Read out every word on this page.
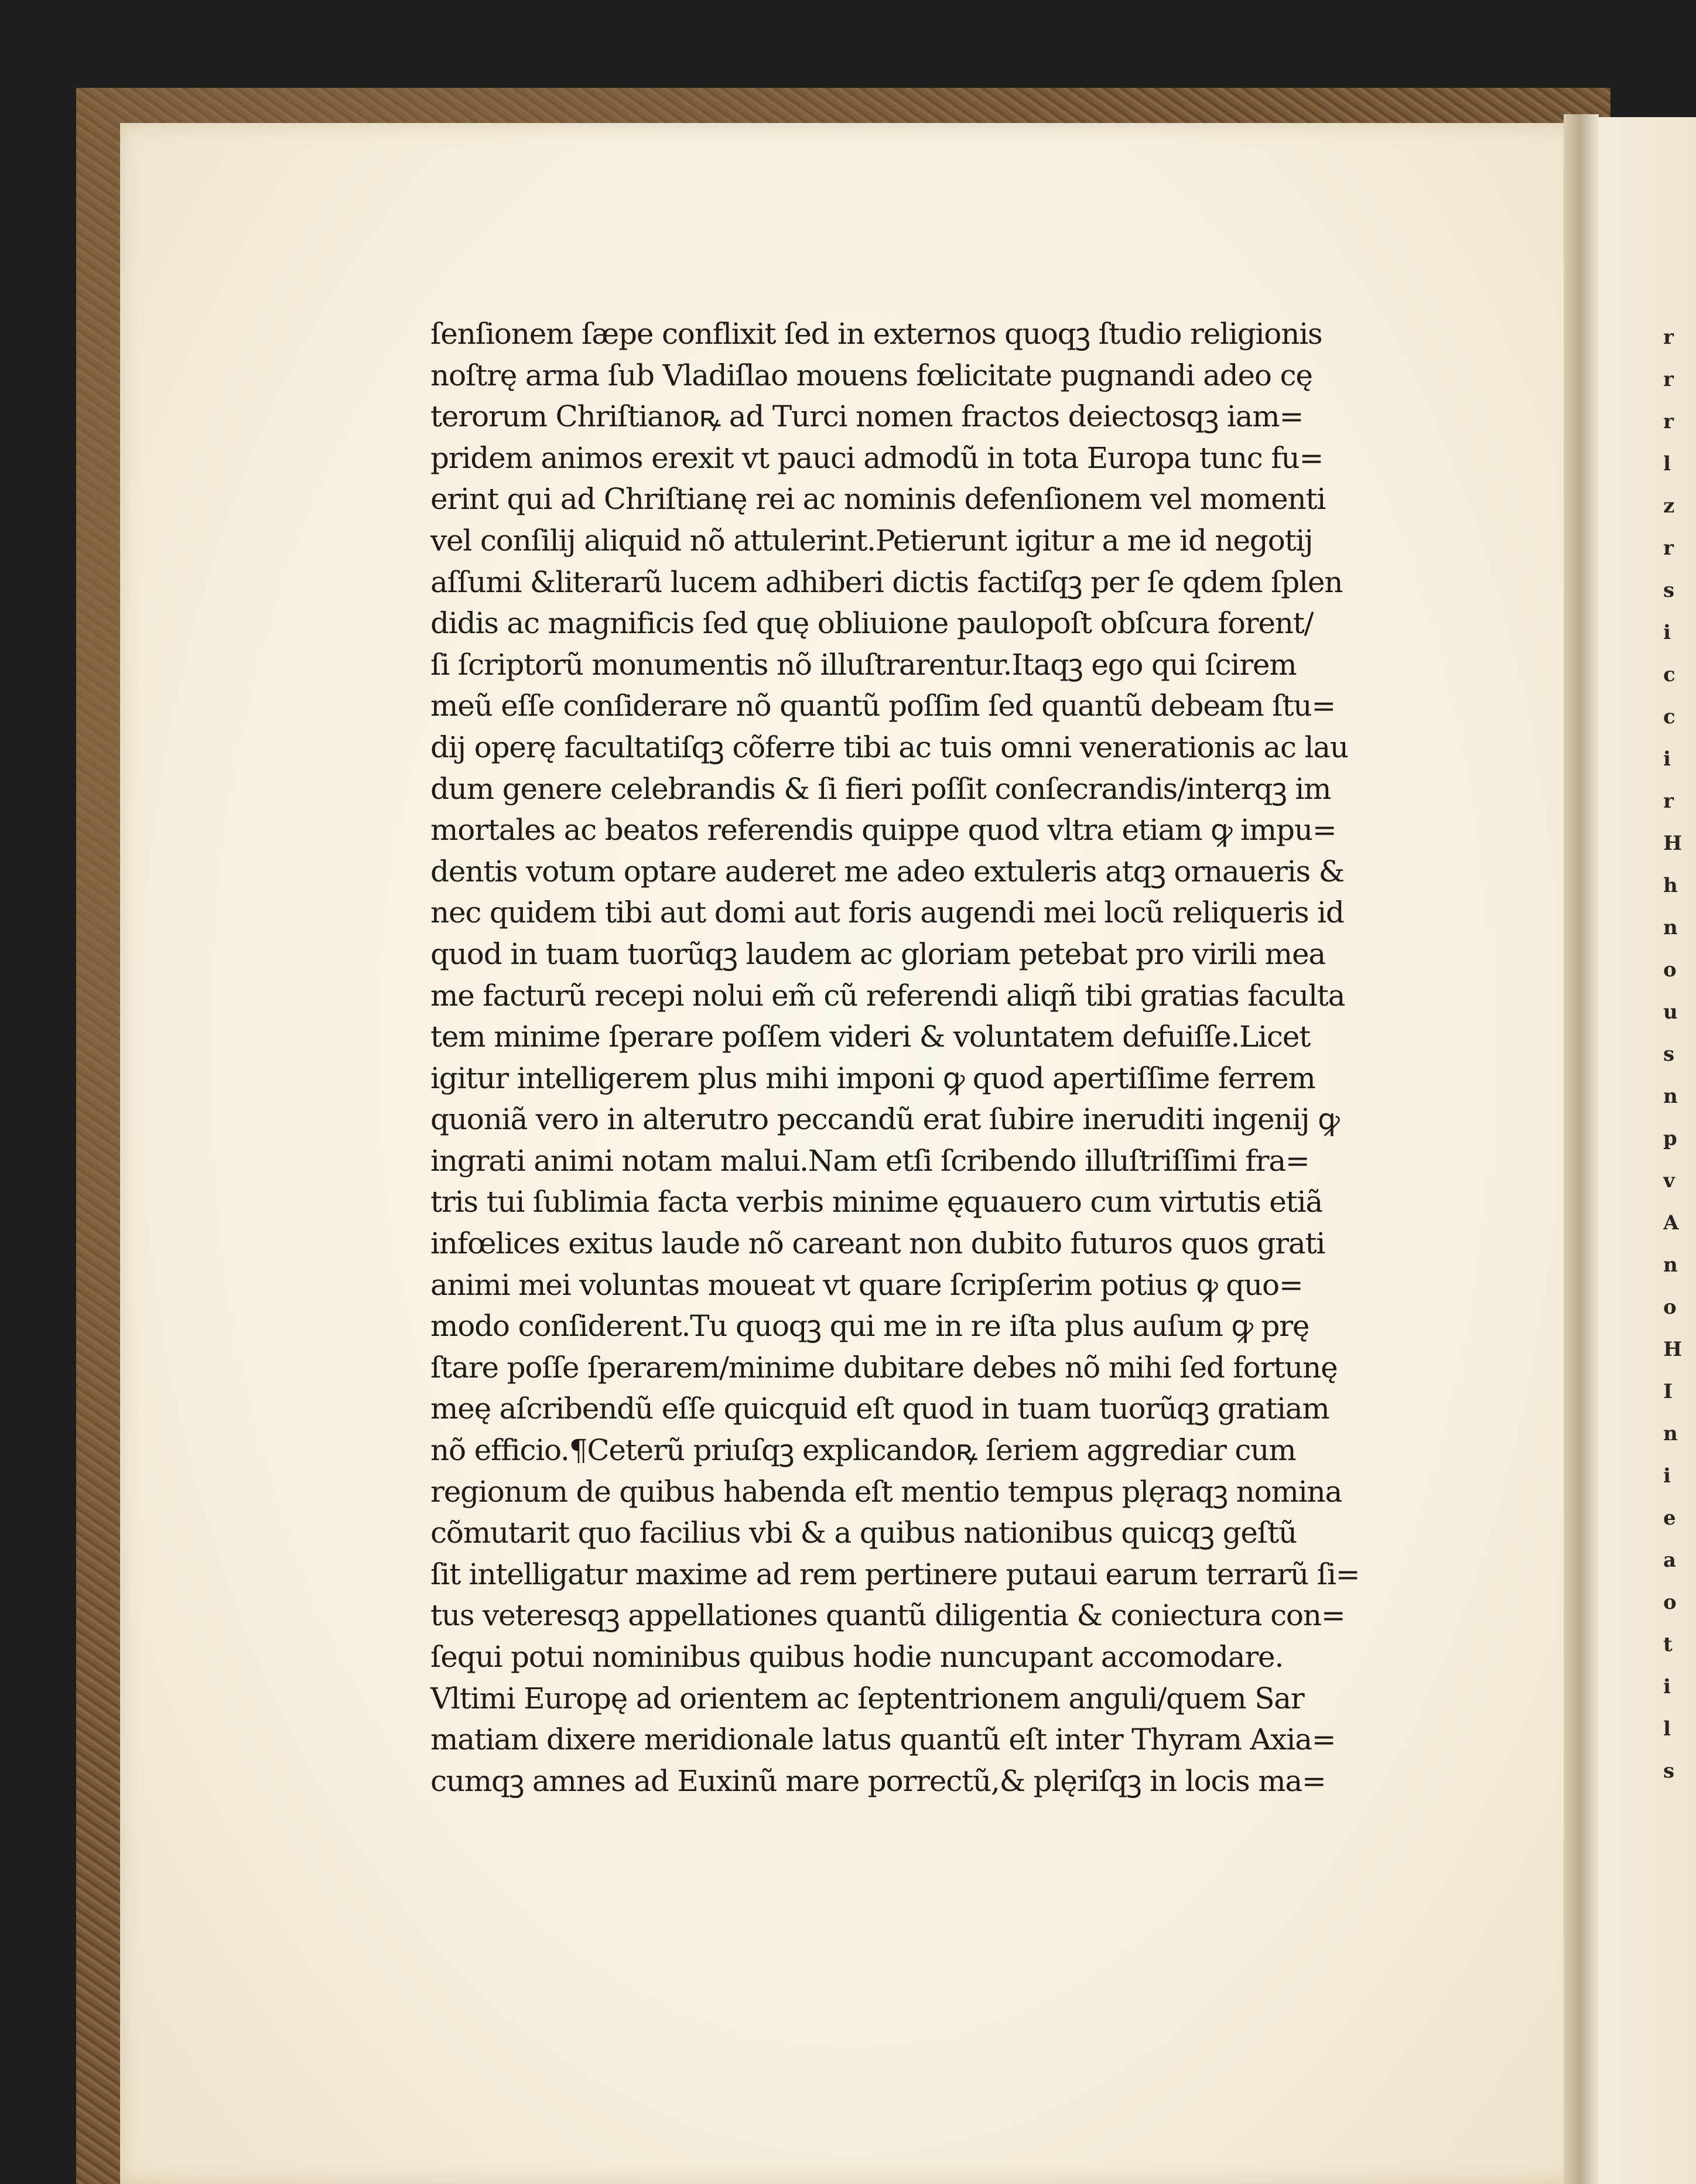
r
r
r
l
z
r
s
i
c
c
i
r
H
h
n
o
u
s
n
p
v
A
n
o
H
I
n
i
e
a
o
t
i
l
s
ſenſionem ſæpe conflixit ſed in externos quoqꝫ ſtudio religionis
noſtrę arma ſub Vladiſlao mouens fœlicitate pugnandi adeo cę
terorum Chriſtianoꝶ ad Turci nomen fractos deiectosqꝫ iam=
pridem animos erexit vt pauci admodũ in tota Europa tunc fu=
erint qui ad Chriſtianę rei ac nominis defenſionem vel momenti
vel conſilij aliquid nõ attulerint.Petierunt igitur a me id negotij
aſſumi &literarũ lucem adhiberi dictis factiſqꝫ per ſe qdem ſplen
didis ac magnificis ſed quę obliuione paulopoſt obſcura forent/
ſi ſcriptorũ monumentis nõ illuſtrarentur.Itaqꝫ ego qui ſcirem
meũ eſſe conſiderare nõ quantũ poſſim ſed quantũ debeam ſtu=
dij operę facultatiſqꝫ cõferre tibi ac tuis omni venerationis ac lau
dum genere celebrandis & ſi fieri poſſit conſecrandis/interqꝫ im
mortales ac beatos referendis quippe quod vltra etiam ꝙ impu=
dentis votum optare auderet me adeo extuleris atqꝫ ornaueris &
nec quidem tibi aut domi aut foris augendi mei locũ reliqueris id
quod in tuam tuorũqꝫ laudem ac gloriam petebat pro virili mea
me facturũ recepi nolui em̃ cũ referendi aliqñ tibi gratias faculta
tem minime ſperare poſſem videri & voluntatem defuiſſe.Licet
igitur intelligerem plus mihi imponi ꝙ quod apertiſſime ferrem
quoniã vero in alterutro peccandũ erat ſubire ineruditi ingenij ꝙ
ingrati animi notam malui.Nam etſi ſcribendo illuſtriſſimi fra=
tris tui ſublimia facta verbis minime ęquauero cum virtutis etiã
infœlices exitus laude nõ careant non dubito futuros quos grati
animi mei voluntas moueat vt quare ſcripſerim potius ꝙ quo=
modo conſiderent.Tu quoqꝫ qui me in re iſta plus auſum ꝙ prę
ſtare poſſe ſperarem/minime dubitare debes nõ mihi ſed fortunę
meę aſcribendũ eſſe quicquid eſt quod in tuam tuorũqꝫ gratiam
nõ efficio.¶Ceterũ priuſqꝫ explicandoꝶ ſeriem aggrediar cum
regionum de quibus habenda eſt mentio tempus plęraqꝫ nomina
cõmutarit quo facilius vbi & a quibus nationibus quicqꝫ geſtũ
ſit intelligatur maxime ad rem pertinere putaui earum terrarũ ſi=
tus veteresqꝫ appellationes quantũ diligentia & coniectura con=
ſequi potui nominibus quibus hodie nuncupant accomodare.
Vltimi Europę ad orientem ac ſeptentrionem anguli/quem Sar
matiam dixere meridionale latus quantũ eſt inter Thyram Axia=
cumqꝫ amnes ad Euxinũ mare porrectũ,& plęriſqꝫ in locis ma=
